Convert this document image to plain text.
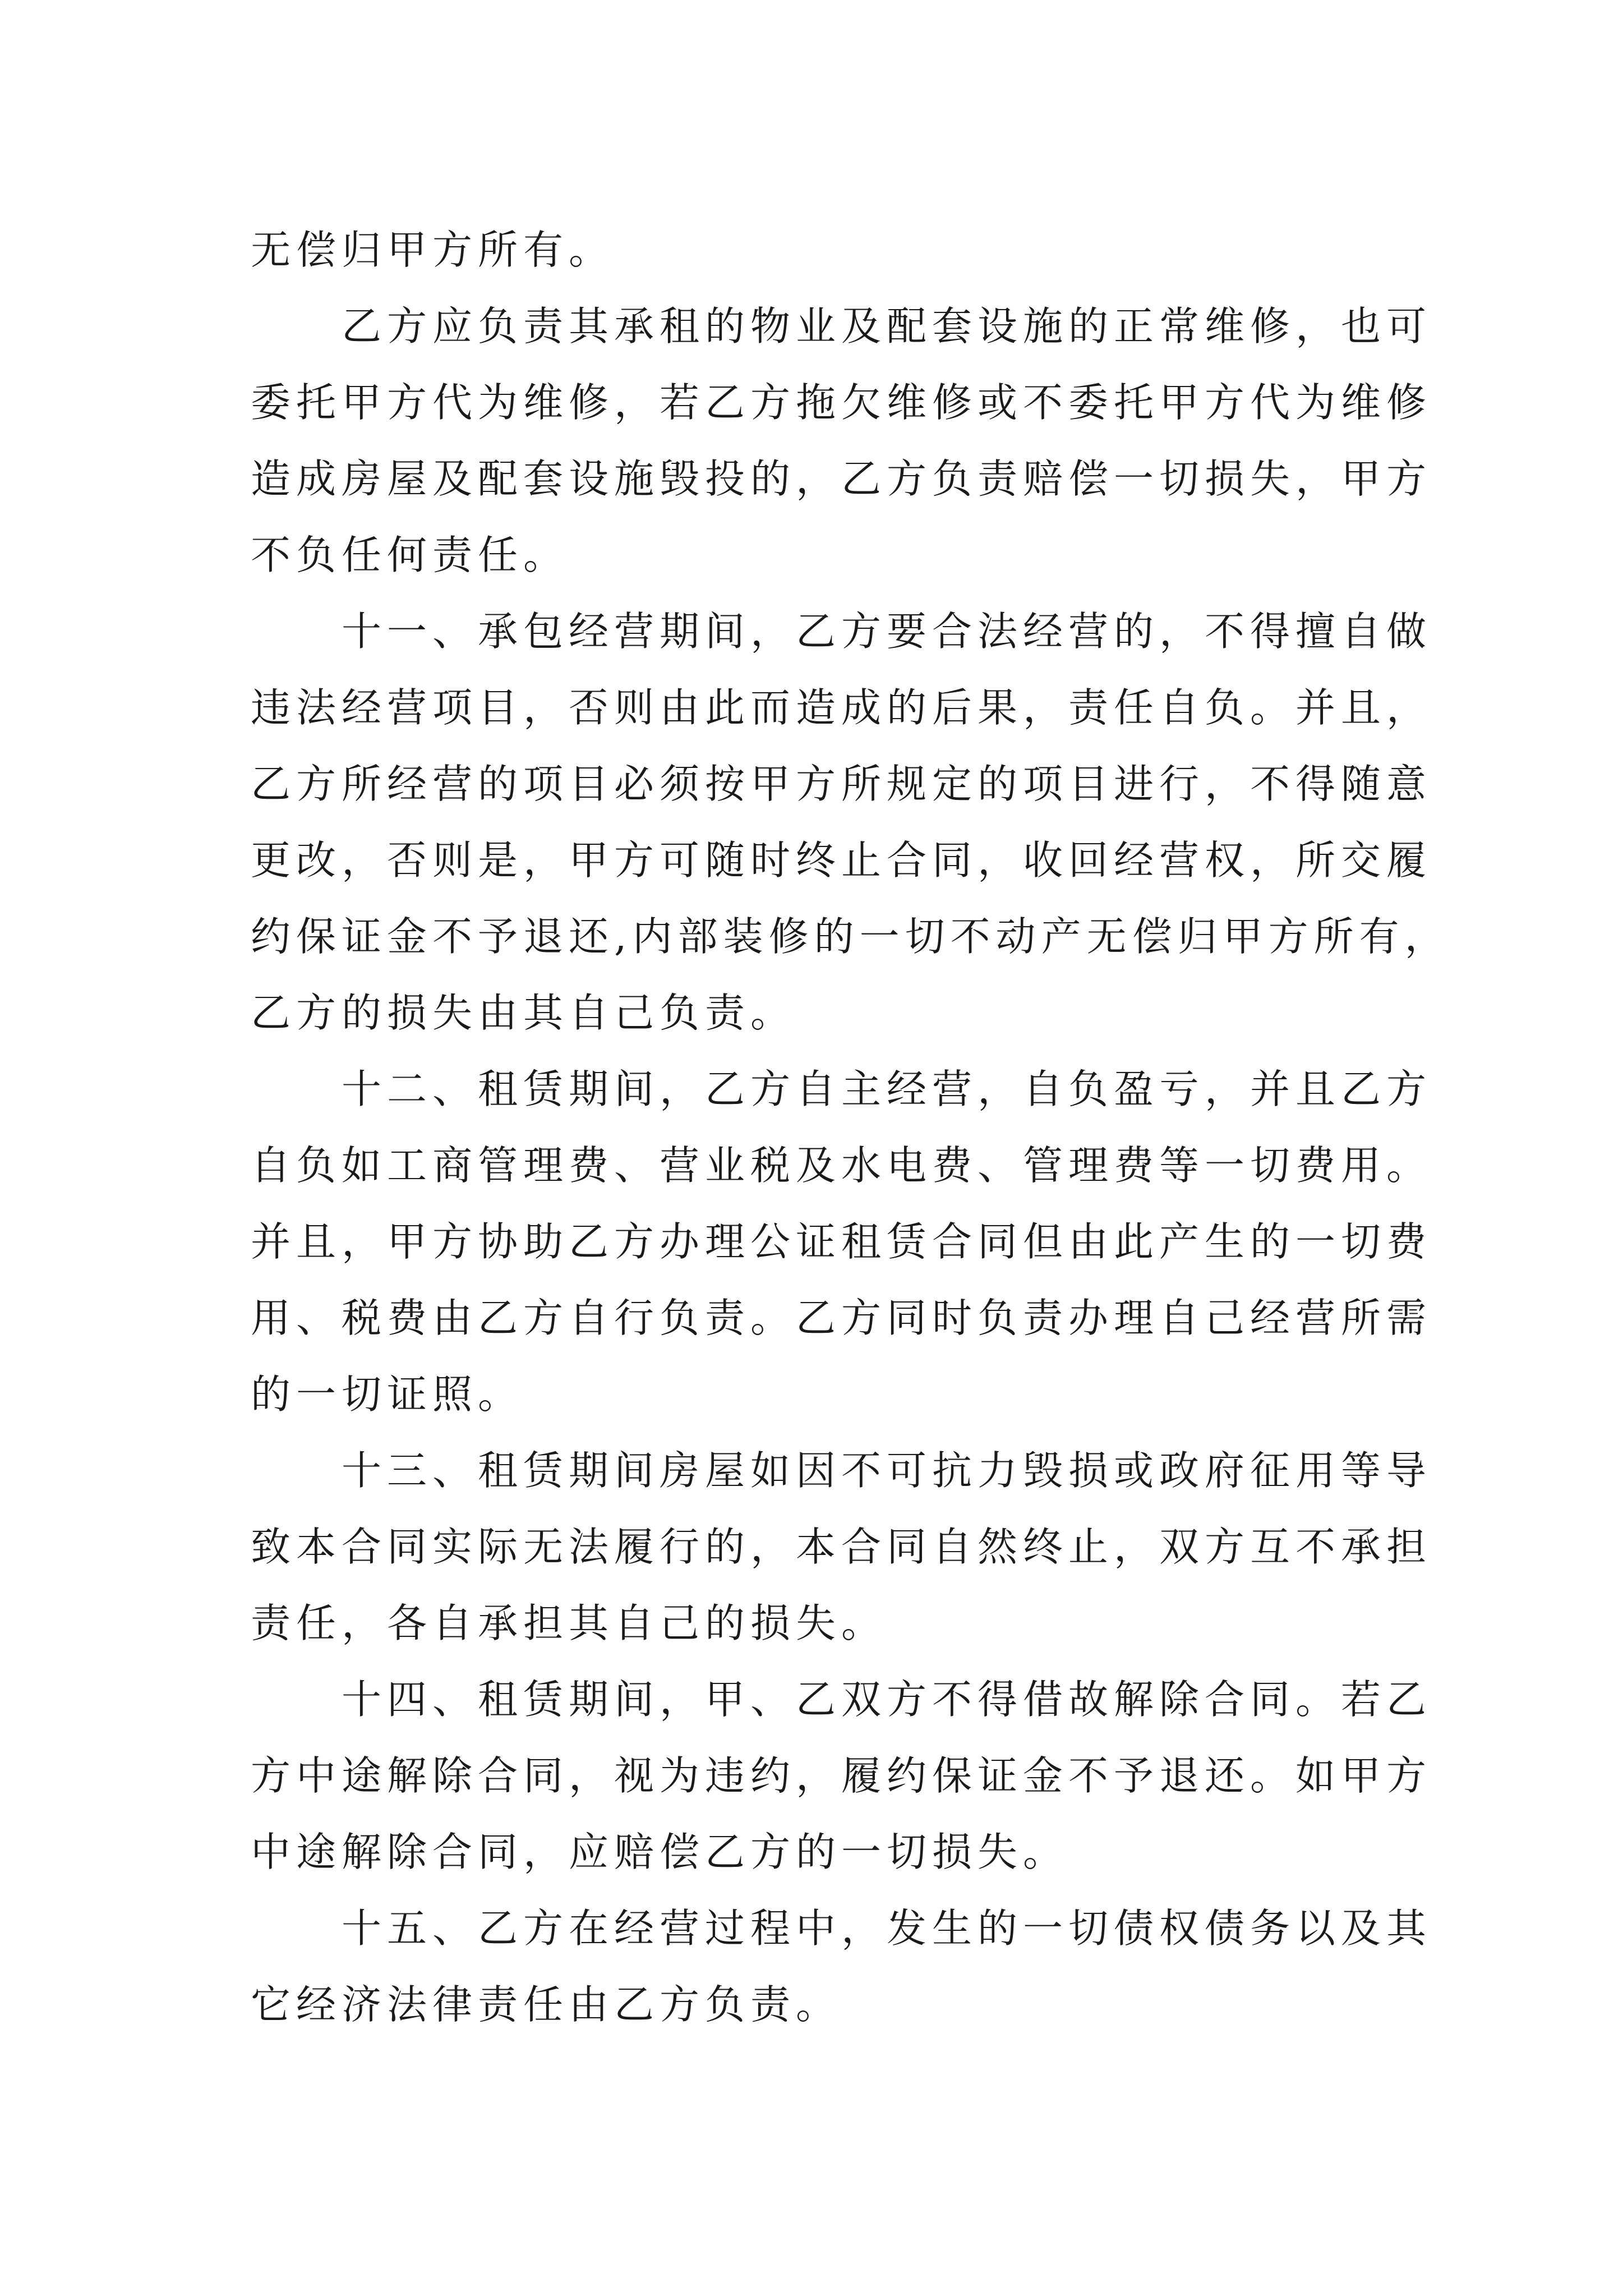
无偿归甲方所有。

乙方应负责其承租的物业及配套设施的正常维修，也可
委托甲方代为维修，若乙方拖欠维修或不委托甲方代为维修
造成房屋及配套设施毁投的，乙方负责赔偿一切损失，甲方
不负任何责任。

十一、承包经营期间，乙方要合法经营的，不得擅自做
违法经营项目，否则由此而造成的后果，责任自负。并且，
乙方所经营的项目必须按甲方所规定的项目进行，不得随意
更改，否则是，甲方可随时终止合同，收回经营权，所交履
约保证金不予退还,内部装修的一切不动产无偿归甲方所有，
乙方的损失由其自己负责。

十二、租赁期间，乙方自主经营，自负盈亏，并且乙方
自负如工商管理费、营业税及水电费、管理费等一切费用。
并且，甲方协助乙方办理公证租赁合同但由此产生的一切费
用、税费由乙方自行负责。乙方同时负责办理自己经营所需
的一切证照。

十三、租赁期间房屋如因不可抗力毁损或政府征用等导
致本合同实际无法履行的，本合同自然终止，双方互不承担
责任，各自承担其自己的损失。

十四、租赁期间，甲、乙双方不得借故解除合同。若乙
方中途解除合同，视为违约，履约保证金不予退还。如甲方
中途解除合同，应赔偿乙方的一切损失。

十五、乙方在经营过程中，发生的一切债权债务以及其
它经济法律责任由乙方负责。
